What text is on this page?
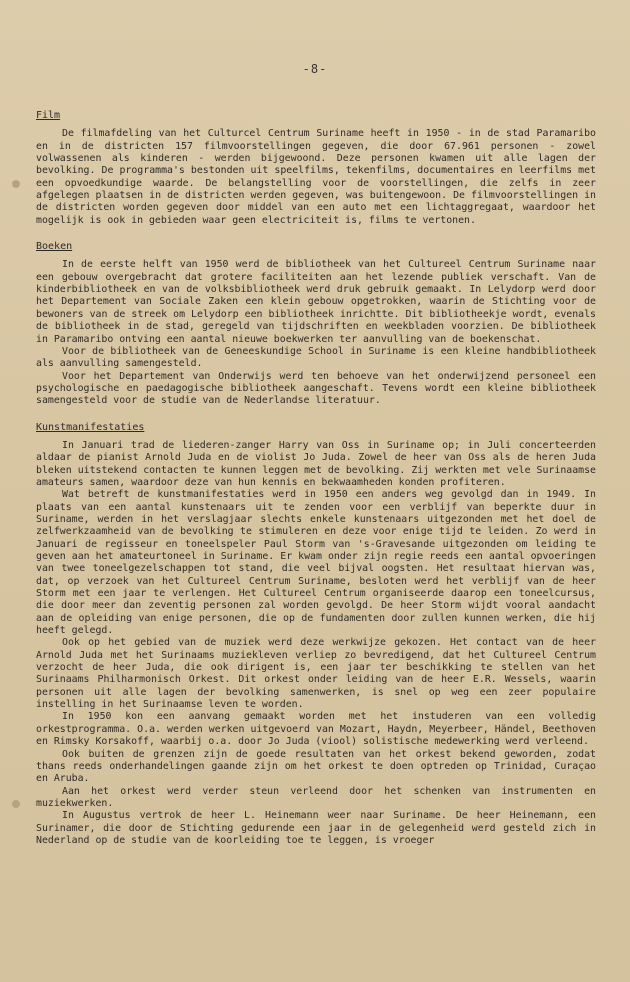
-8-
Film

De filmafdeling van het Culturcel Centrum Suriname heeft in 1950 - in de stad Paramaribo en in de districten 157 filmvoorstellingen gegeven, die door 67.961 personen - zowel volwassenen als kinderen - werden bijgewoond. Deze personen kwamen uit alle lagen der bevolking. De programma's bestonden uit speelfilms, tekenfilms, documentaires en leerfilms met een opvoedkundige waarde. De belangstelling voor de voorstellingen, die zelfs in zeer afgelegen plaatsen in de districten werden gegeven, was buitengewoon. De filmvoorstellingen in de districten worden gegeven door middel van een auto met een lichtaggregaat, waardoor het mogelijk is ook in gebieden waar geen electriciteit is, films te vertonen.

Boeken

In de eerste helft van 1950 werd de bibliotheek van het Cultureel Centrum Suriname naar een gebouw overgebracht dat grotere faciliteiten aan het lezende publiek verschaft. Van de kinderbibliotheek en van de volksbibliotheek werd druk gebruik gemaakt. In Lelydorp werd door het Departement van Sociale Zaken een klein gebouw opgetrokken, waarin de Stichting voor de bewoners van de streek om Lelydorp een bibliotheek inrichtte. Dit bibliotheekje wordt, evenals de bibliotheek in de stad, geregeld van tijdschriften en weekbladen voorzien. De bibliotheek in Paramaribo ontving een aantal nieuwe boekwerken ter aanvulling van de boekenschat.

Voor de bibliotheek van de Geneeskundige School in Suriname is een kleine handbibliotheek als aanvulling samengesteld.

Voor het Departement van Onderwijs werd ten behoeve van het onderwijzend personeel een psychologische en paedagogische bibliotheek aangeschaft. Tevens wordt een kleine bibliotheek samengesteld voor de studie van de Nederlandse literatuur.

Kunstmanifestaties

In Januari trad de liederen-zanger Harry van Oss in Suriname op; in Juli concerteerden aldaar de pianist Arnold Juda en de violist Jo Juda. Zowel de heer van Oss als de heren Juda bleken uitstekend contacten te kunnen leggen met de bevolking. Zij werkten met vele Surinaamse amateurs samen, waardoor deze van hun kennis en bekwaamheden konden profiteren.

Wat betreft de kunstmanifestaties werd in 1950 een anders weg gevolgd dan in 1949. In plaats van een aantal kunstenaars uit te zenden voor een verblijf van beperkte duur in Suriname, werden in het verslagjaar slechts enkele kunstenaars uitgezonden met het doel de zelfwerkzaamheid van de bevolking te stimuleren en deze voor enige tijd te leiden. Zo werd in Januari de regisseur en toneelspeler Paul Storm van 's-Gravesande uitgezonden om leiding te geven aan het amateurtoneel in Suriname. Er kwam onder zijn regie reeds een aantal opvoeringen van twee toneelgezelschappen tot stand, die veel bijval oogsten. Het resultaat hiervan was, dat, op verzoek van het Cultureel Centrum Suriname, besloten werd het verblijf van de heer Storm met een jaar te verlengen. Het Cultureel Centrum organiseerde daarop een toneelcursus, die door meer dan zeventig personen zal worden gevolgd. De heer Storm wijdt vooral aandacht aan de opleiding van enige personen, die op de fundamenten door zullen kunnen werken, die hij heeft gelegd.

Ook op het gebied van de muziek werd deze werkwijze gekozen. Het contact van de heer Arnold Juda met het Surinaams muziekleven verliep zo bevredigend, dat het Cultureel Centrum verzocht de heer Juda, die ook dirigent is, een jaar ter beschikking te stellen van het Surinaams Philharmonisch Orkest. Dit orkest onder leiding van de heer E.R. Wessels, waarin personen uit alle lagen der bevolking samenwerken, is snel op weg een zeer populaire instelling in het Surinaamse leven te worden.

In 1950 kon een aanvang gemaakt worden met het instuderen van een volledig orkestprogramma. O.a. werden werken uitgevoerd van Mozart, Haydn, Meyerbeer, Händel, Beethoven en Rimsky Korsakoff, waarbij o.a. door Jo Juda (viool) solistische medewerking werd verleend.

Ook buiten de grenzen zijn de goede resultaten van het orkest bekend geworden, zodat thans reeds onderhandelingen gaande zijn om het orkest te doen optreden op Trinidad, Curaçao en Aruba.

Aan het orkest werd verder steun verleend door het schenken van instrumenten en muziekwerken.

In Augustus vertrok de heer L. Heinemann weer naar Suriname. De heer Heinemann, een Surinamer, die door de Stichting gedurende een jaar in de gelegenheid werd gesteld zich in Nederland op de studie van de koorleiding toe te leggen, is vroeger
